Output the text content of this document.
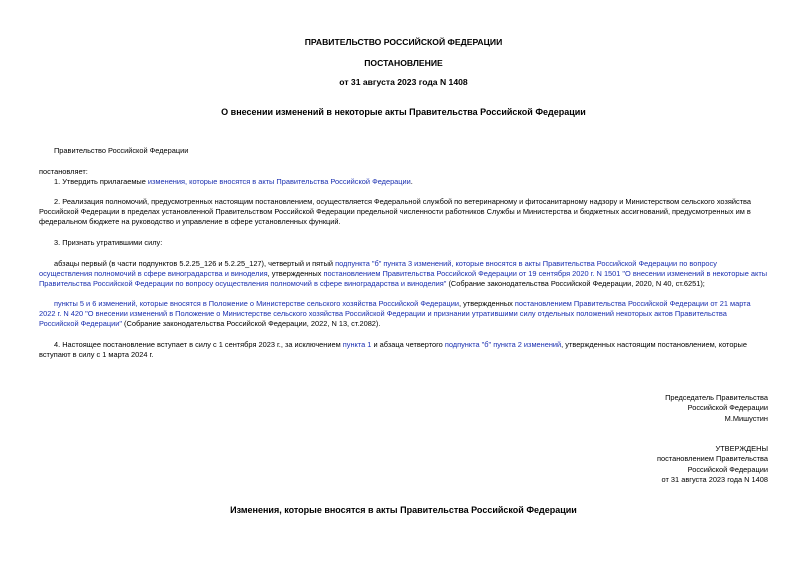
ПРАВИТЕЛЬСТВО РОССИЙСКОЙ ФЕДЕРАЦИИ
ПОСТАНОВЛЕНИЕ
от 31 августа 2023 года N 1408
О внесении изменений в некоторые акты Правительства Российской Федерации
Правительство Российской Федерации
постановляет:
1. Утвердить прилагаемые изменения, которые вносятся в акты Правительства Российской Федерации.
2. Реализация полномочий, предусмотренных настоящим постановлением, осуществляется Федеральной службой по ветеринарному и фитосанитарному надзору и Министерством сельского хозяйства Российской Федерации в пределах установленной Правительством Российской Федерации предельной численности работников Службы и Министерства и бюджетных ассигнований, предусмотренных им в федеральном бюджете на руководство и управление в сфере установленных функций.
3. Признать утратившими силу:
абзацы первый (в части подпунктов 5.2.25_126 и 5.2.25_127), четвертый и пятый подпункта "б" пункта 3 изменений, которые вносятся в акты Правительства Российской Федерации по вопросу осуществления полномочий в сфере виноградарства и виноделия, утвержденных постановлением Правительства Российской Федерации от 19 сентября 2020 г. N 1501 "О внесении изменений в некоторые акты Правительства Российской Федерации по вопросу осуществления полномочий в сфере виноградарства и виноделия" (Собрание законодательства Российской Федерации, 2020, N 40, ст.6251);
пункты 5 и 6 изменений, которые вносятся в Положение о Министерстве сельского хозяйства Российской Федерации, утвержденных постановлением Правительства Российской Федерации от 21 марта 2022 г. N 420 "О внесении изменений в Положение о Министерстве сельского хозяйства Российской Федерации и признании утратившими силу отдельных положений некоторых актов Правительства Российской Федерации" (Собрание законодательства Российской Федерации, 2022, N 13, ст.2082).
4. Настоящее постановление вступает в силу с 1 сентября 2023 г., за исключением пункта 1 и абзаца четвертого подпункта "б" пункта 2 изменений, утвержденных настоящим постановлением, которые вступают в силу с 1 марта 2024 г.
Председатель Правительства
Российской Федерации
М.Мишустин
УТВЕРЖДЕНЫ
постановлением Правительства
Российской Федерации
от 31 августа 2023 года N 1408
Изменения, которые вносятся в акты Правительства Российской Федерации
